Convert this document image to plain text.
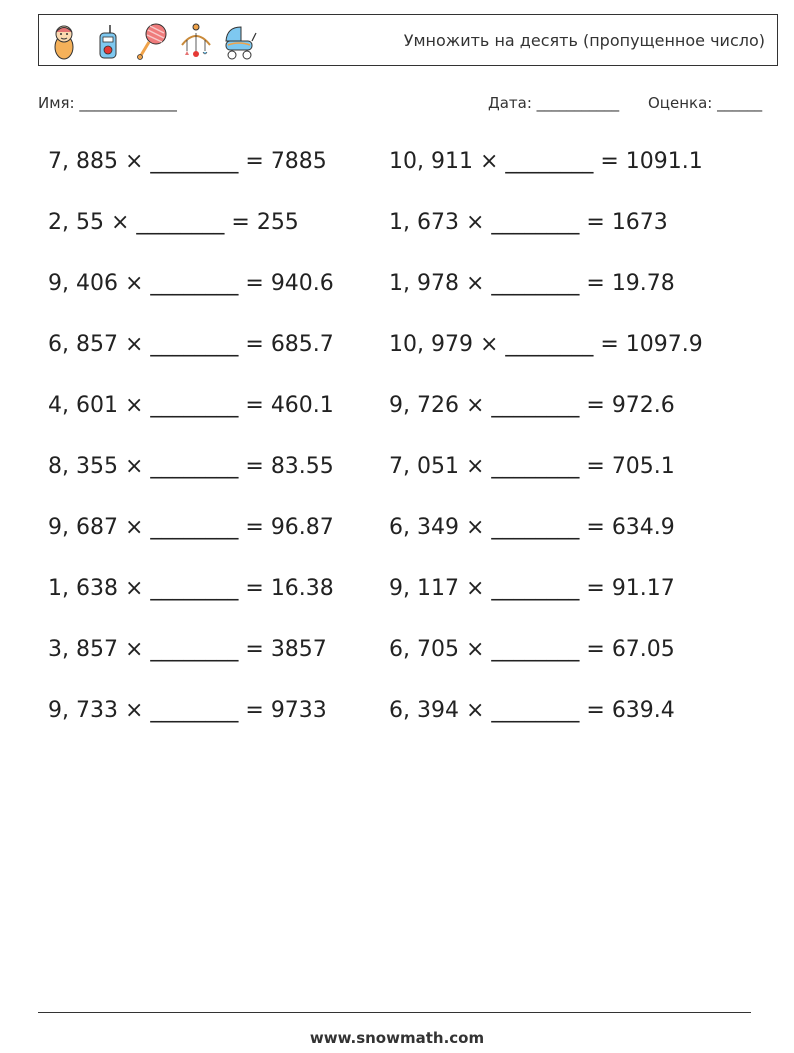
Умножить на десять (пропущенное число)
Имя: _____________	Дата: ___________ Оценка: ______
7, 885 × ________ = 7885
2, 55 × ________ = 255
9, 406 × ________ = 940.6
6, 857 × ________ = 685.7
4, 601 × ________ = 460.1
8, 355 × ________ = 83.55
9, 687 × ________ = 96.87
1, 638 × ________ = 16.38
3, 857 × ________ = 3857
9, 733 × ________ = 9733
10, 911 × ________ = 1091.1
1, 673 × ________ = 1673
1, 978 × ________ = 19.78
10, 979 × ________ = 1097.9
9, 726 × ________ = 972.6
7, 051 × ________ = 705.1
6, 349 × ________ = 634.9
9, 117 × ________ = 91.17
6, 705 × ________ = 67.05
6, 394 × ________ = 639.4
www.snowmath.com
